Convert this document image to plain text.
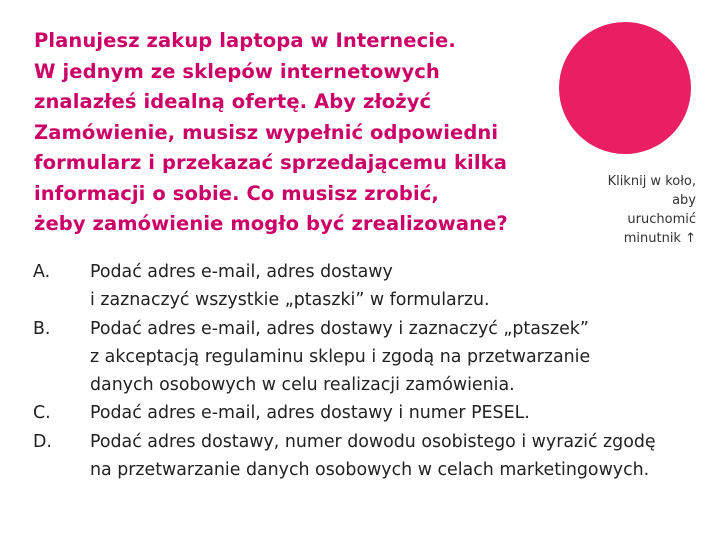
Planujesz zakup laptopa w Internecie.
W jednym ze sklepów internetowych
znalazłeś idealną ofertę. Aby złożyć
Zamówienie, musisz wypełnić odpowiedni
formularz i przekazać sprzedającemu kilka
informacji o sobie. Co musisz zrobić,
żeby zamówienie mogło być zrealizowane?
Kliknij w koło,
aby
uruchomić
minutnik ↑
A. Podać adres e-mail, adres dostawy
i zaznaczyć wszystkie „ptaszki” w formularzu.
B. Podać adres e-mail, adres dostawy i zaznaczyć „ptaszek”
z akceptacją regulaminu sklepu i zgodą na przetwarzanie
danych osobowych w celu realizacji zamówienia.
C. Podać adres e-mail, adres dostawy i numer PESEL.
D. Podać adres dostawy, numer dowodu osobistego i wyrazić zgodę
na przetwarzanie danych osobowych w celach marketingowych.
